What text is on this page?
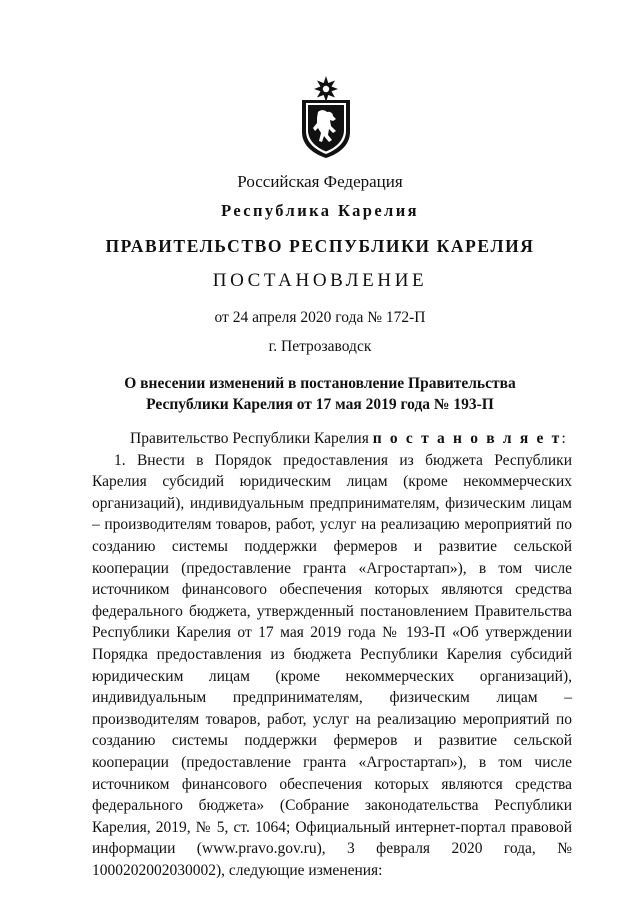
Российская Федерация
Республика Карелия
ПРАВИТЕЛЬСТВО РЕСПУБЛИКИ КАРЕЛИЯ
ПОСТАНОВЛЕНИЕ
от 24 апреля 2020 года № 172-П
г. Петрозаводск
О внесении изменений в постановление Правительства
Республики Карелия от 17 мая 2019 года № 193-П

Правительство Республики Карелия п о с т а н о в л я е т:

1. Внести в Порядок предоставления из бюджета Республики Карелия субсидий юридическим лицам (кроме некоммерческих организаций), индивидуальным предпринимателям, физическим лицам – производителям товаров, работ, услуг на реализацию мероприятий по созданию системы поддержки фермеров и развитие сельской кооперации (предоставление гранта «Агростартап»), в том числе источником финансового обеспечения которых являются средства федерального бюджета, утвержденный постановлением Правительства Республики Карелия от 17 мая 2019 года № 193-П «Об утверждении Порядка предоставления из бюджета Республики Карелия субсидий юридическим лицам (кроме некоммерческих организаций), индивидуальным предпринимателям, физическим лицам – производителям товаров, работ, услуг на реализацию мероприятий по созданию системы поддержки фермеров и развитие сельской кооперации (предоставление гранта «Агростартап»), в том числе источником финансового обеспечения которых являются средства федерального бюджета» (Собрание законодательства Республики Карелия, 2019, № 5, ст. 1064; Официальный интернет-портал правовой информации (www.pravo.gov.ru), 3 февраля 2020 года, № 1000202002030002), следующие изменения:
